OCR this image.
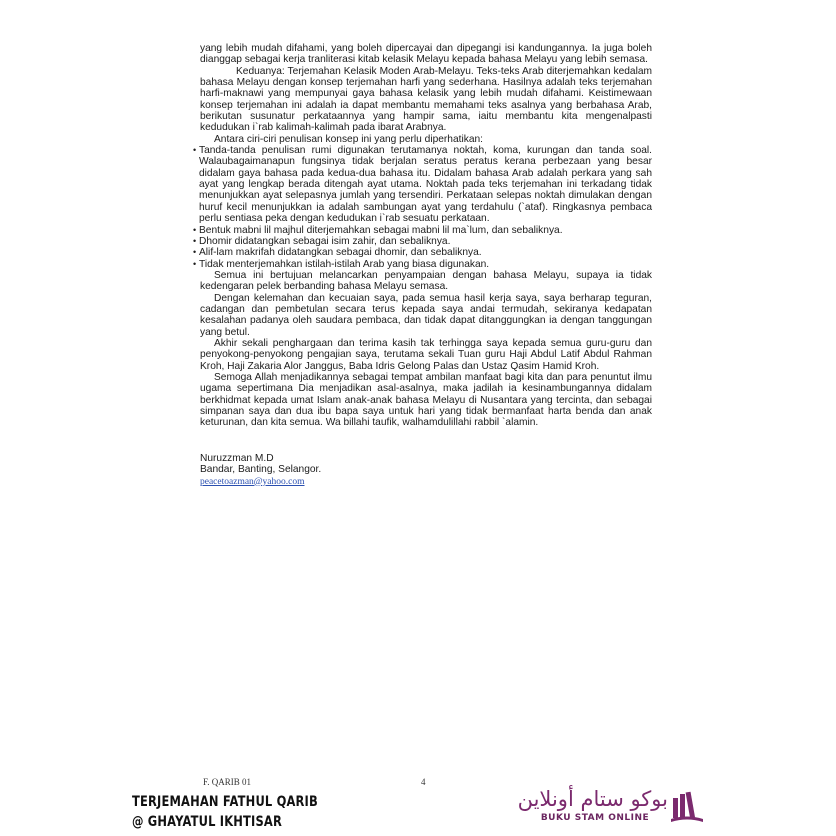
yang lebih mudah difahami, yang boleh dipercayai dan dipegangi isi kandungannya. Ia juga boleh dianggap sebagai kerja tranliterasi kitab kelasik Melayu kepada bahasa Melayu yang lebih semasa.

Keduanya: Terjemahan Kelasik Moden Arab-Melayu. Teks-teks Arab diterjemahkan kedalam bahasa Melayu dengan konsep terjemahan harfi yang sederhana. Hasilnya adalah teks terjemahan harfi-maknawi yang mempunyai gaya bahasa kelasik yang lebih mudah difahami. Keistimewaan konsep terjemahan ini adalah ia dapat membantu memahami teks asalnya yang berbahasa Arab, berikutan susunatur perkataannya yang hampir sama, iaitu membantu kita mengenalpasti kedudukan i`rab kalimah-kalimah pada ibarat Arabnya.

Antara ciri-ciri penulisan konsep ini yang perlu diperhatikan:

• Tanda-tanda penulisan rumi digunakan terutamanya noktah, koma, kurungan dan tanda soal. Walaubagaimanapun fungsinya tidak berjalan seratus peratus kerana perbezaan yang besar didalam gaya bahasa pada kedua-dua bahasa itu. Didalam bahasa Arab adalah perkara yang sah ayat yang lengkap berada ditengah ayat utama. Noktah pada teks terjemahan ini terkadang tidak menunjukkan ayat selepasnya jumlah yang tersendiri. Perkataan selepas noktah dimulakan dengan huruf kecil menunjukkan ia adalah sambungan ayat yang terdahulu (`ataf). Ringkasnya pembaca perlu sentiasa peka dengan kedudukan i`rab sesuatu perkataan.
• Bentuk mabni lil majhul diterjemahkan sebagai mabni lil ma`lum, dan sebaliknya.
• Dhomir didatangkan sebagai isim zahir, dan sebaliknya.
• Alif-lam makrifah didatangkan sebagai dhomir, dan sebaliknya.
• Tidak menterjemahkan istilah-istilah Arab yang biasa digunakan.

Semua ini bertujuan melancarkan penyampaian dengan bahasa Melayu, supaya ia tidak kedengaran pelek berbanding bahasa Melayu semasa.

Dengan kelemahan dan kecuaian saya, pada semua hasil kerja saya, saya berharap teguran, cadangan dan pembetulan secara terus kepada saya andai termudah, sekiranya kedapatan kesalahan padanya oleh saudara pembaca, dan tidak dapat ditanggungkan ia dengan tanggungan yang betul.

Akhir sekali penghargaan dan terima kasih tak terhingga saya kepada semua guru-guru dan penyokong-penyokong pengajian saya, terutama sekali Tuan guru Haji Abdul Latif Abdul Rahman Kroh, Haji Zakaria Alor Janggus, Baba Idris Gelong Palas dan Ustaz Qasim Hamid Kroh.

Semoga Allah menjadikannya sebagai tempat ambilan manfaat bagi kita dan para penuntut ilmu ugama sepertimana Dia menjadikan asal-asalnya, maka jadilah ia kesinambungannya didalam berkhidmat kepada umat Islam anak-anak bahasa Melayu di Nusantara yang tercinta, dan sebagai simpanan saya dan dua ibu bapa saya untuk hari yang tidak bermanfaat harta benda dan anak keturunan, dan kita semua. Wa billahi taufik, walhamdulillahi rabbil `alamin.

Nuruzzman M.D
Bandar, Banting, Selangor.
peacetoazman@yahoo.com
F. QARIB 01	4
TERJEMAHAN FATHUL QARIB
@ GHAYATUL IKHTISAR
بوكو ستام أونلاين
BUKU STAM ONLINE
